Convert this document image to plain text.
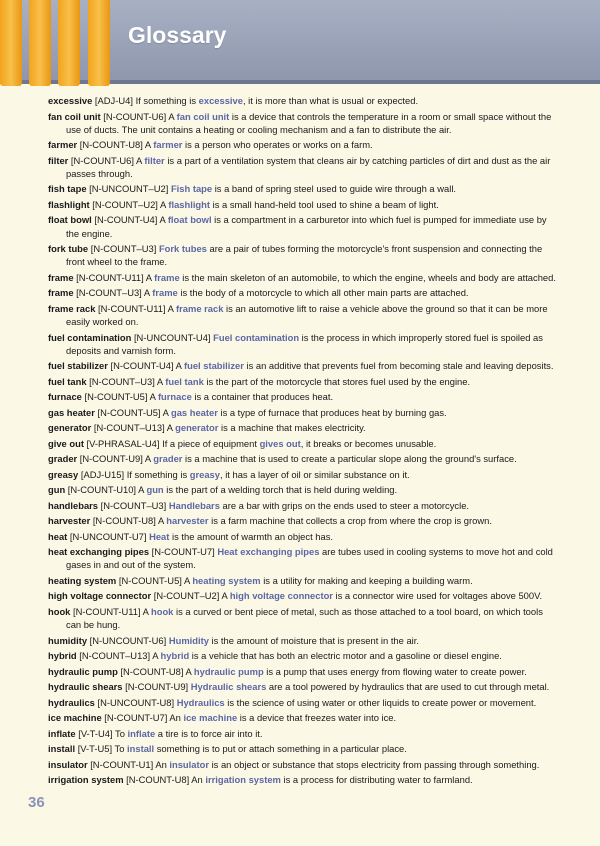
Glossary

excessive [ADJ-U4] If something is excessive, it is more than what is usual or expected.

fan coil unit [N-COUNT-U6] A fan coil unit is a device that controls the temperature in a room or small space without the use of ducts. The unit contains a heating or cooling mechanism and a fan to distribute the air.

farmer [N-COUNT-U8] A farmer is a person who operates or works on a farm.

filter [N-COUNT-U6] A filter is a part of a ventilation system that cleans air by catching particles of dirt and dust as the air passes through.

fish tape [N-UNCOUNT–U2] Fish tape is a band of spring steel used to guide wire through a wall.

flashlight [N-COUNT–U2] A flashlight is a small hand-held tool used to shine a beam of light.

float bowl [N-COUNT-U4] A float bowl is a compartment in a carburetor into which fuel is pumped for immediate use by the engine.

fork tube [N-COUNT–U3] Fork tubes are a pair of tubes forming the motorcycle's front suspension and connecting the front wheel to the frame.

frame [N-COUNT-U11] A frame is the main skeleton of an automobile, to which the engine, wheels and body are attached.

frame [N-COUNT–U3] A frame is the body of a motorcycle to which all other main parts are attached.

frame rack [N-COUNT-U11] A frame rack is an automotive lift to raise a vehicle above the ground so that it can be more easily worked on.

fuel contamination [N-UNCOUNT-U4] Fuel contamination is the process in which improperly stored fuel is spoiled as deposits and varnish form.

fuel stabilizer [N-COUNT-U4] A fuel stabilizer is an additive that prevents fuel from becoming stale and leaving deposits.

fuel tank [N-COUNT–U3] A fuel tank is the part of the motorcycle that stores fuel used by the engine.

furnace [N-COUNT-U5] A furnace is a container that produces heat.

gas heater [N-COUNT-U5] A gas heater is a type of furnace that produces heat by burning gas.

generator [N-COUNT–U13] A generator is a machine that makes electricity.

give out [V-PHRASAL-U4] If a piece of equipment gives out, it breaks or becomes unusable.

grader [N-COUNT-U9] A grader is a machine that is used to create a particular slope along the ground's surface.

greasy [ADJ-U15] If something is greasy, it has a layer of oil or similar substance on it.

gun [N-COUNT-U10] A gun is the part of a welding torch that is held during welding.

handlebars [N-COUNT–U3] Handlebars are a bar with grips on the ends used to steer a motorcycle.

harvester [N-COUNT-U8] A harvester is a farm machine that collects a crop from where the crop is grown.

heat [N-UNCOUNT-U7] Heat is the amount of warmth an object has.

heat exchanging pipes [N-COUNT-U7] Heat exchanging pipes are tubes used in cooling systems to move hot and cold gases in and out of the system.

heating system [N-COUNT-U5] A heating system is a utility for making and keeping a building warm.

high voltage connector [N-COUNT–U2] A high voltage connector is a connector wire used for voltages above 500V.

hook [N-COUNT-U11] A hook is a curved or bent piece of metal, such as those attached to a tool board, on which tools can be hung.

humidity [N-UNCOUNT-U6] Humidity is the amount of moisture that is present in the air.

hybrid [N-COUNT–U13] A hybrid is a vehicle that has both an electric motor and a gasoline or diesel engine.

hydraulic pump [N-COUNT-U8] A hydraulic pump is a pump that uses energy from flowing water to create power.

hydraulic shears [N-COUNT-U9] Hydraulic shears are a tool powered by hydraulics that are used to cut through metal.

hydraulics [N-UNCOUNT-U8] Hydraulics is the science of using water or other liquids to create power or movement.

ice machine [N-COUNT-U7] An ice machine is a device that freezes water into ice.

inflate [V-T-U4] To inflate a tire is to force air into it.

install [V-T-U5] To install something is to put or attach something in a particular place.

insulator [N-COUNT-U1] An insulator is an object or substance that stops electricity from passing through something.

irrigation system [N-COUNT-U8] An irrigation system is a process for distributing water to farmland.

36
